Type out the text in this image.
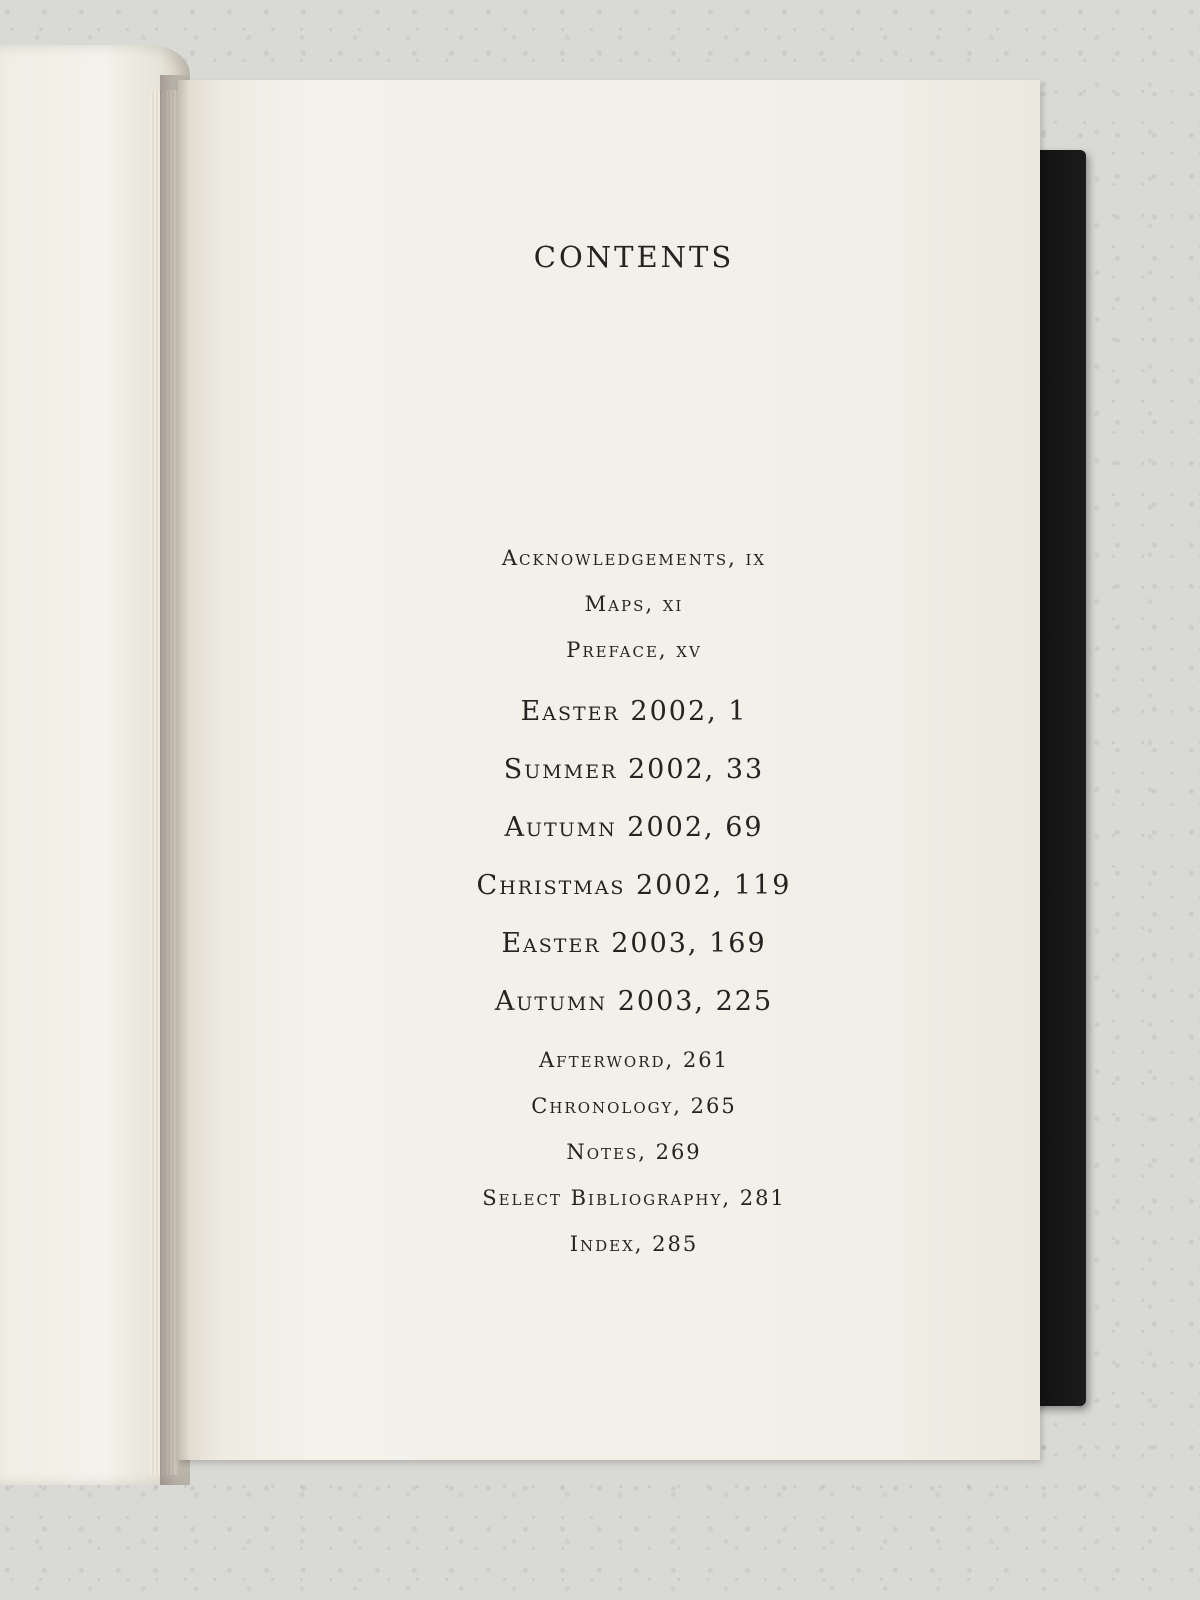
CONTENTS
Acknowledgements, ix
Maps, xi
Preface, xv
Easter 2002, 1
Summer 2002, 33
Autumn 2002, 69
Christmas 2002, 119
Easter 2003, 169
Autumn 2003, 225
Afterword, 261
Chronology, 265
Notes, 269
Select Bibliography, 281
Index, 285
